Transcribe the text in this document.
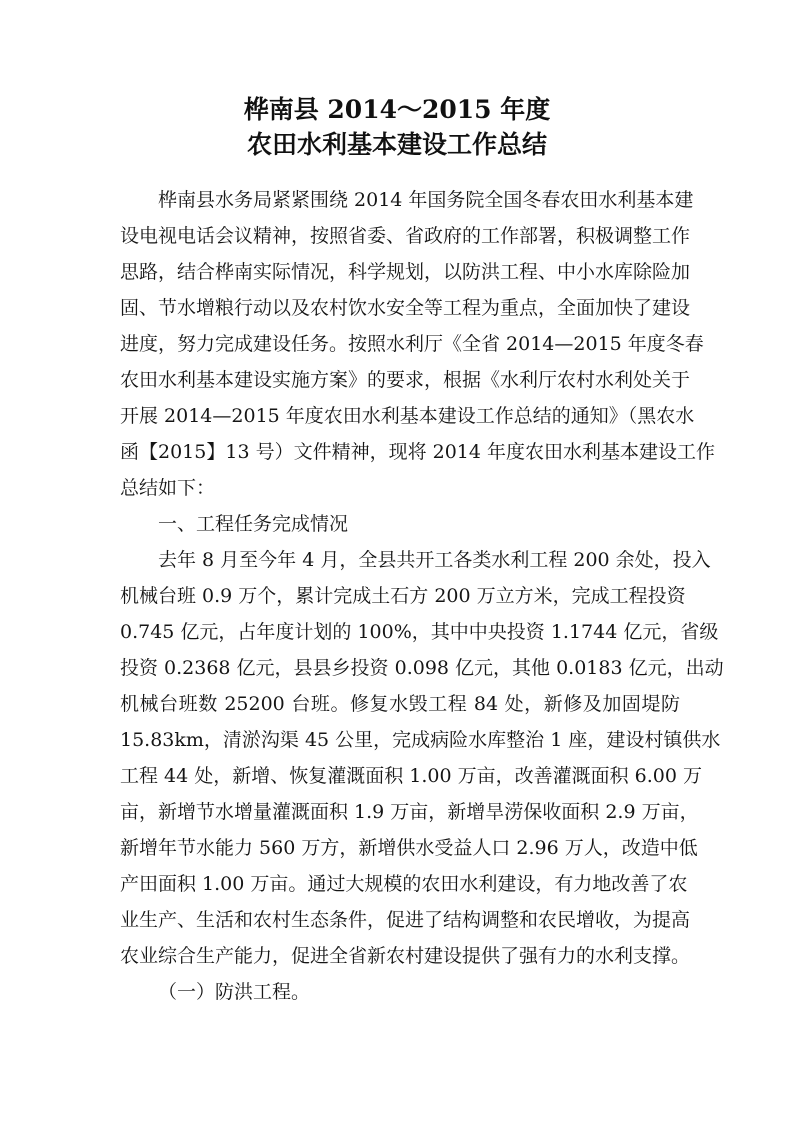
桦南县 2014～2015 年度
农田水利基本建设工作总结

桦南县水务局紧紧围绕 2014 年国务院全国冬春农田水利基本建

设电视电话会议精神，按照省委、省政府的工作部署，积极调整工作

思路，结合桦南实际情况，科学规划，以防洪工程、中小水库除险加

固、节水增粮行动以及农村饮水安全等工程为重点，全面加快了建设

进度，努力完成建设任务。按照水利厅《全省 2014—2015 年度冬春

农田水利基本建设实施方案》的要求，根据《水利厅农村水利处关于

开展 2014—2015 年度农田水利基本建设工作总结的通知》（黑农水

函【2015】13 号）文件精神，现将 2014 年度农田水利基本建设工作

总结如下：

一、工程任务完成情况

去年 8 月至今年 4 月，全县共开工各类水利工程 200 余处，投入

机械台班 0.9 万个，累计完成土石方 200 万立方米，完成工程投资

0.745 亿元，占年度计划的 100%，其中中央投资 1.1744 亿元，省级

投资 0.2368 亿元，县县乡投资 0.098 亿元，其他 0.0183 亿元，出动

机械台班数 25200 台班。修复水毁工程 84 处，新修及加固堤防

15.83km，清淤沟渠 45 公里，完成病险水库整治 1 座，建设村镇供水

工程 44 处，新增、恢复灌溉面积 1.00 万亩，改善灌溉面积 6.00 万

亩，新增节水增量灌溉面积 1.9 万亩，新增旱涝保收面积 2.9 万亩，

新增年节水能力 560 万方，新增供水受益人口 2.96 万人，改造中低

产田面积 1.00 万亩。通过大规模的农田水利建设，有力地改善了农

业生产、生活和农村生态条件，促进了结构调整和农民增收，为提高

农业综合生产能力，促进全省新农村建设提供了强有力的水利支撑。

（一）防洪工程。
